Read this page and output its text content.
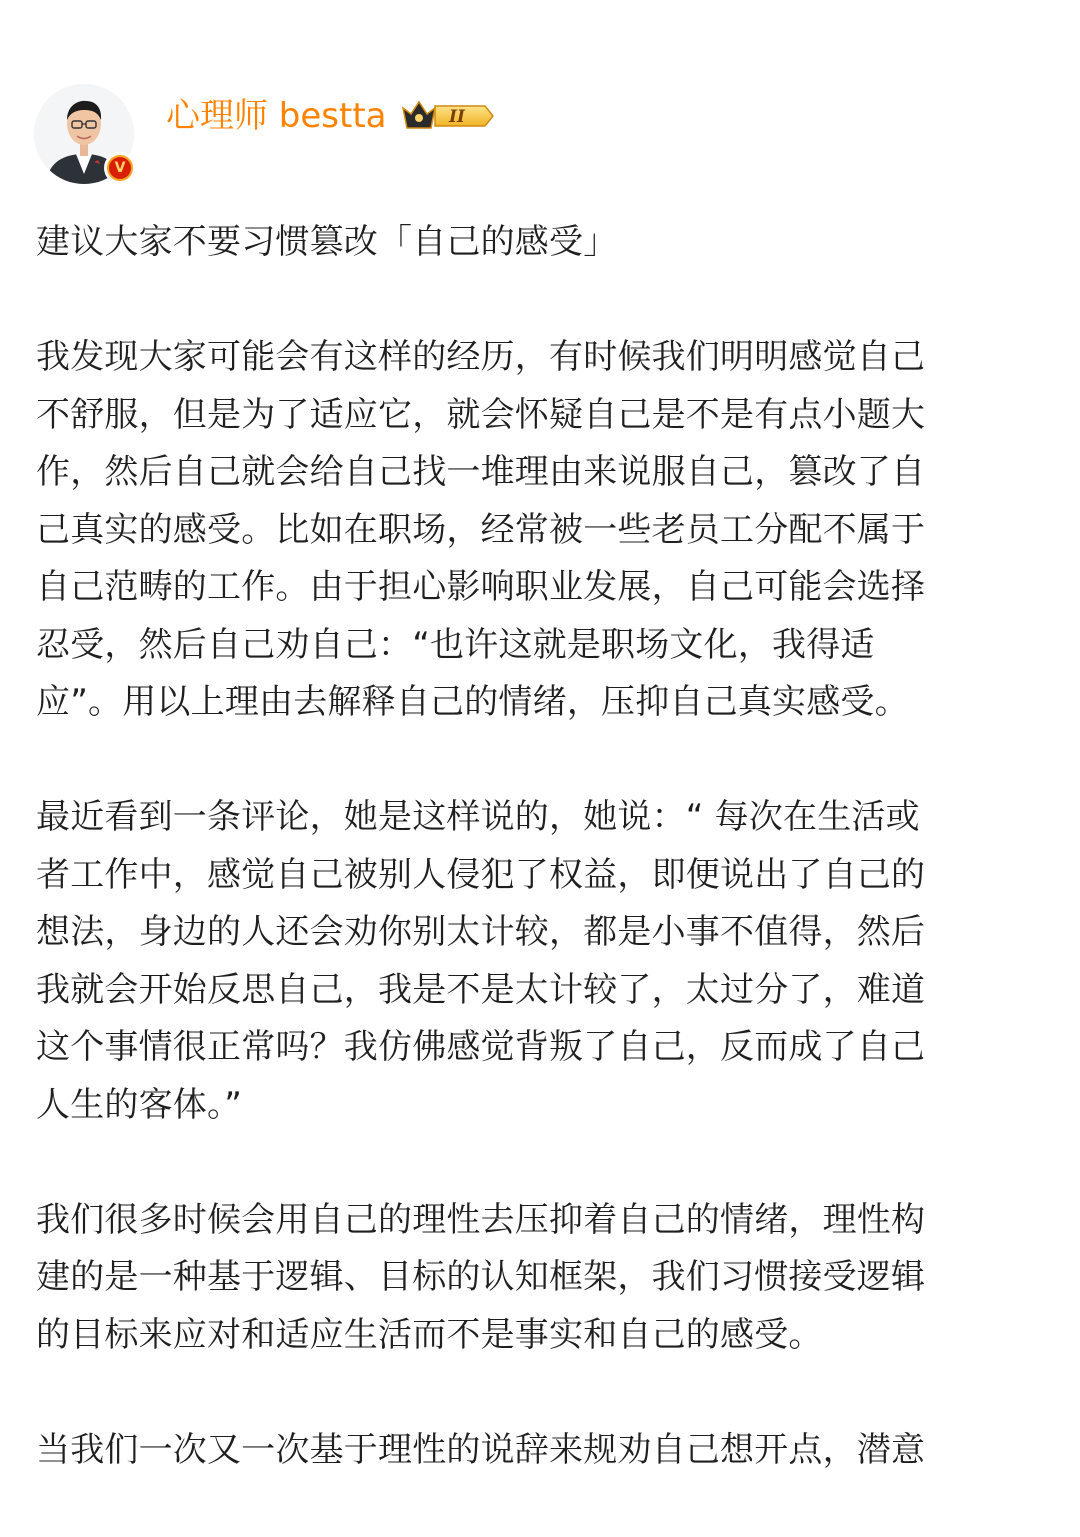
V
心理师 bestta	II

建议大家不要习惯篡改「自己的感受」

我发现大家可能会有这样的经历，有时候我们明明感觉自己
不舒服，但是为了适应它，就会怀疑自己是不是有点小题大
作，然后自己就会给自己找一堆理由来说服自己，篡改了自
己真实的感受。比如在职场，经常被一些老员工分配不属于
自己范畴的工作。由于担心影响职业发展，自己可能会选择
忍受，然后自己劝自己：“也许这就是职场文化，我得适
应”。用以上理由去解释自己的情绪，压抑自己真实感受。

最近看到一条评论，她是这样说的，她说：“ 每次在生活或
者工作中，感觉自己被别人侵犯了权益，即便说出了自己的
想法，身边的人还会劝你别太计较，都是小事不值得，然后
我就会开始反思自己，我是不是太计较了，太过分了，难道
这个事情很正常吗？我仿佛感觉背叛了自己，反而成了自己
人生的客体。”

我们很多时候会用自己的理性去压抑着自己的情绪，理性构
建的是一种基于逻辑、目标的认知框架，我们习惯接受逻辑
的目标来应对和适应生活而不是事实和自己的感受。

当我们一次又一次基于理性的说辞来规劝自己想开点，潜意
